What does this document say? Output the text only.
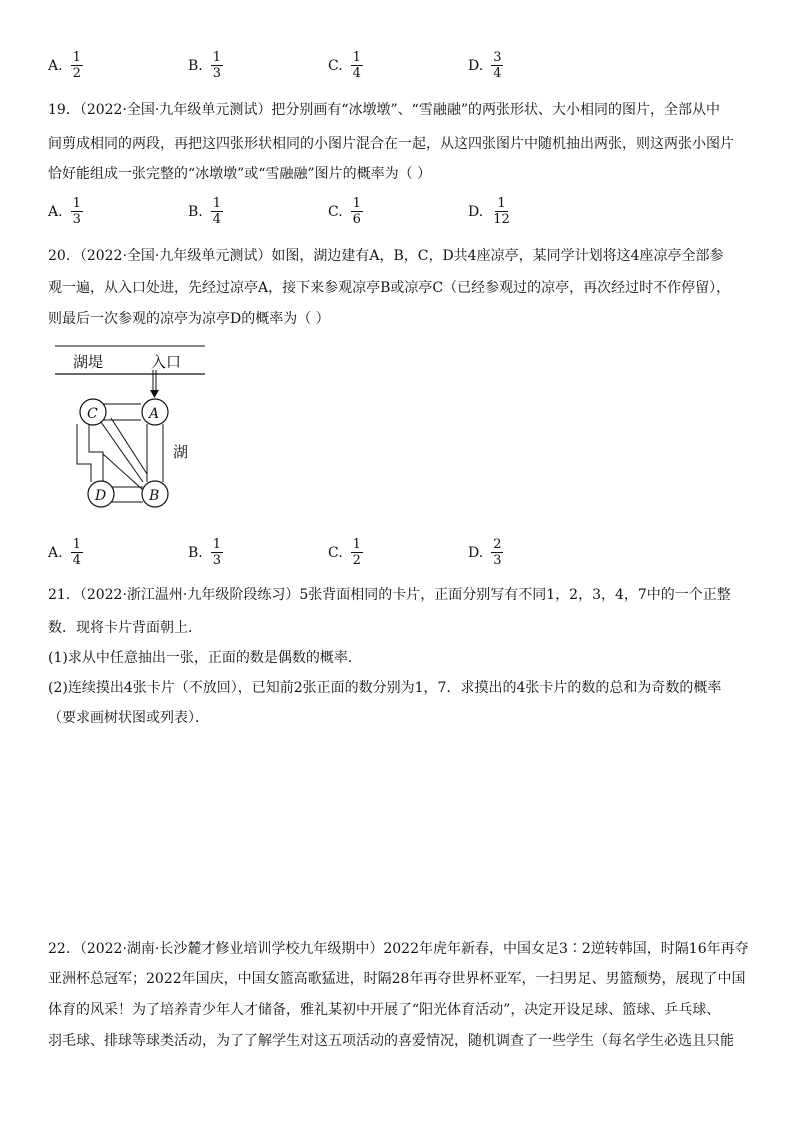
A. $\frac{1}{2}$	B. $\frac{1}{3}$	C. $\frac{1}{4}$	D. $\frac{3}{4}$
19．（2022·全国·九年级单元测试）把分别画有“冰墩墩”、“雪融融”的两张形状、大小相同的图片，全部从中
间剪成相同的两段，再把这四张形状相同的小图片混合在一起，从这四张图片中随机抽出两张，则这两张小图片
恰好能组成一张完整的“冰墩墩”或“雪融融”图片的概率为（ ）
A. $\frac{1}{3}$	B. $\frac{1}{4}$	C. $\frac{1}{6}$	D. $\frac{1}{12}$
20．（2022·全国·九年级单元测试）如图，湖边建有A，B，C，D共4座凉亭，某同学计划将这4座凉亭全部参
观一遍，从入口处进，先经过凉亭A，接下来参观凉亭B或凉亭C（已经参观过的凉亭，再次经过时不作停留），
则最后一次参观的凉亭为凉亭D的概率为（ ）
湖堤	入口
C	A
D	B
湖
A. $\frac{1}{4}$	B. $\frac{1}{3}$	C. $\frac{1}{2}$	D. $\frac{2}{3}$
21．（2022·浙江温州·九年级阶段练习）5张背面相同的卡片，正面分别写有不同1，2，3，4，7中的一个正整
数．现将卡片背面朝上．
(1)求从中任意抽出一张，正面的数是偶数的概率．
(2)连续摸出4张卡片（不放回），已知前2张正面的数分别为1，7．求摸出的4张卡片的数的总和为奇数的概率
（要求画树状图或列表）．
22．（2022·湖南·长沙麓才修业培训学校九年级期中）2022年虎年新春，中国女足3∶2逆转韩国，时隔16年再夺
亚洲杯总冠军；2022年国庆，中国女篮高歌猛进，时隔28年再夺世界杯亚军，一扫男足、男篮颓势，展现了中国
体育的风采！为了培养青少年人才储备，雅礼某初中开展了“阳光体育活动”，决定开设足球、篮球、乒乓球、
羽毛球、排球等球类活动，为了了解学生对这五项活动的喜爱情况，随机调查了一些学生（每名学生必选且只能
